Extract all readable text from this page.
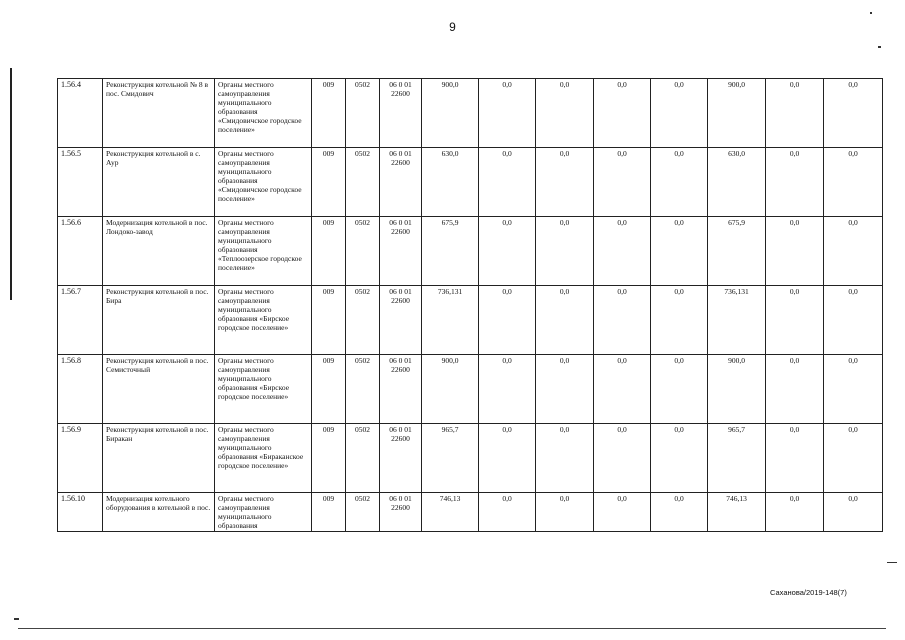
9
1.56.4	Реконструкция котельной № 8 в пос. Смидович	Органы местного самоуправления муниципального образования «Смидовичское городское поселение»	009	0502	06 0 01 22600	900,0	0,0	0,0	0,0	0,0	900,0	0,0	0,0
1.56.5	Реконструкция котельной в с. Аур	Органы местного самоуправления муниципального образования «Смидовичское городское поселение»	009	0502	06 0 01 22600	630,0	0,0	0,0	0,0	0,0	630,0	0,0	0,0
1.56.6	Модернизация котельной в пос. Лондоко-завод	Органы местного самоуправления муниципального образования «Теплоозерское городское поселение»	009	0502	06 0 01 22600	675,9	0,0	0,0	0,0	0,0	675,9	0,0	0,0
1.56.7	Реконструкция котельной в пос. Бира	Органы местного самоуправления муниципального образования «Бирское городское поселение»	009	0502	06 0 01 22600	736,131	0,0	0,0	0,0	0,0	736,131	0,0	0,0
1.56.8	Реконструкция котельной в пос. Семисточный	Органы местного самоуправления муниципального образования «Бирское городское поселение»	009	0502	06 0 01 22600	900,0	0,0	0,0	0,0	0,0	900,0	0,0	0,0
1.56.9	Реконструкция котельной в пос. Биракан	Органы местного самоуправления муниципального образования «Бираканское городское поселение»	009	0502	06 0 01 22600	965,7	0,0	0,0	0,0	0,0	965,7	0,0	0,0
1.56.10	Модернизация котельного оборудования в котельной в пос.	Органы местного самоуправления муниципального образования	009	0502	06 0 01 22600	746,13	0,0	0,0	0,0	0,0	746,13	0,0	0,0
Саханова/2019-148(7)
